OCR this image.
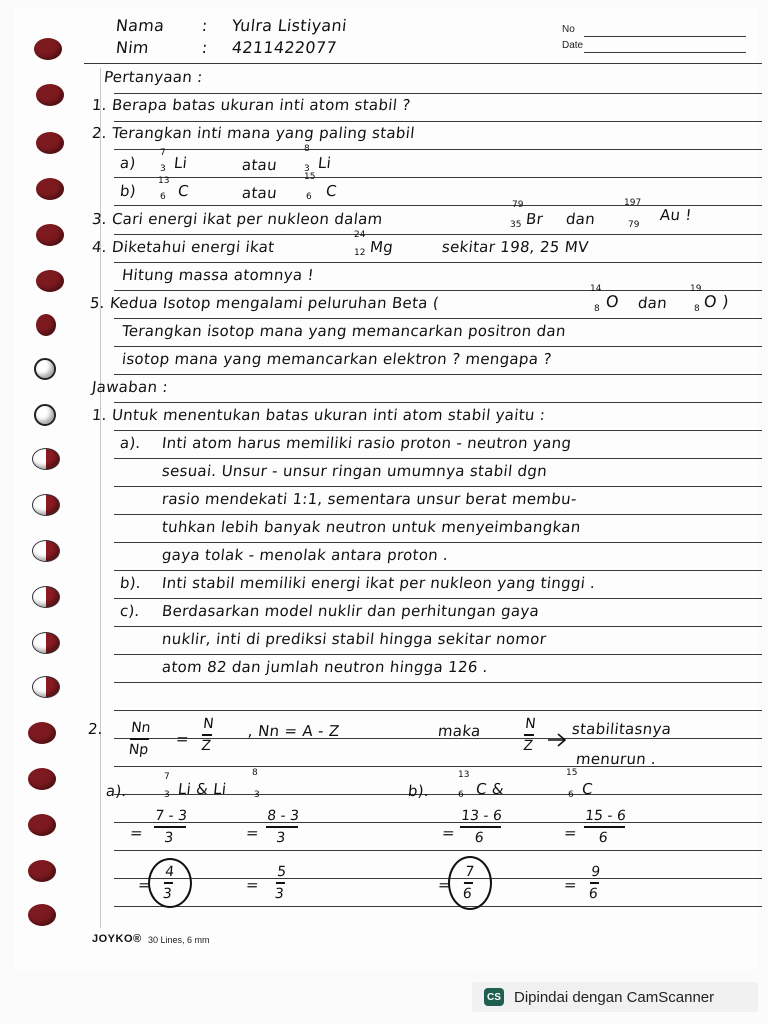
No
Date
Nama : Yulra Listiyani
Nim	: 4211422077
Pertanyaan :
1. Berapa batas ukuran inti atom stabil ?
2. Terangkan inti mana yang paling stabil
a)
7
3 Li	atau
8
3 Li
b)
13
6 C	atau
15
6 C
3. Cari energi ikat per nukleon dalam
79
35 Br dan
197
79
Au !
4. Diketahui energi ikat
24
12 Mg	sekitar 198, 25 MV
Hitung massa atomnya !
5. Kedua Isotop mengalami peluruhan Beta (
14
8 O dan
19
8 O )
Terangkan isotop mana yang memancarkan positron dan
isotop mana yang memancarkan elektron ? mengapa ?
Jawaban :
1. Untuk menentukan batas ukuran inti atom stabil yaitu :
a). Inti atom harus memiliki rasio proton - neutron yang
sesuai. Unsur - unsur ringan umumnya stabil dgn
rasio mendekati 1:1, sementara unsur berat membu-
tuhkan lebih banyak neutron untuk menyeimbangkan
gaya tolak - menolak antara proton .
b). Inti stabil memiliki energi ikat per nukleon yang tinggi .
c). Berdasarkan model nuklir dan perhitungan gaya
nuklir, inti di prediksi stabil hingga sekitar nomor
atom 82 dan jumlah neutron hingga 126 .
2. Nn
Np
=
N
Z
, Nn = A - Z	maka	N
Z
stabilitasnya
menurun .
a).
7
3
8
3
Li & Li	b).
13
6 C &
15
6 C
=
7 - 3
3	=
8 - 3
3	=
13 - 6
6	=
15 - 6
6
=
4
3	=
5
3	=
7
6	=
9
6
JOYKO® 30 Lines, 6 mm
CS Dipindai dengan CamScanner
